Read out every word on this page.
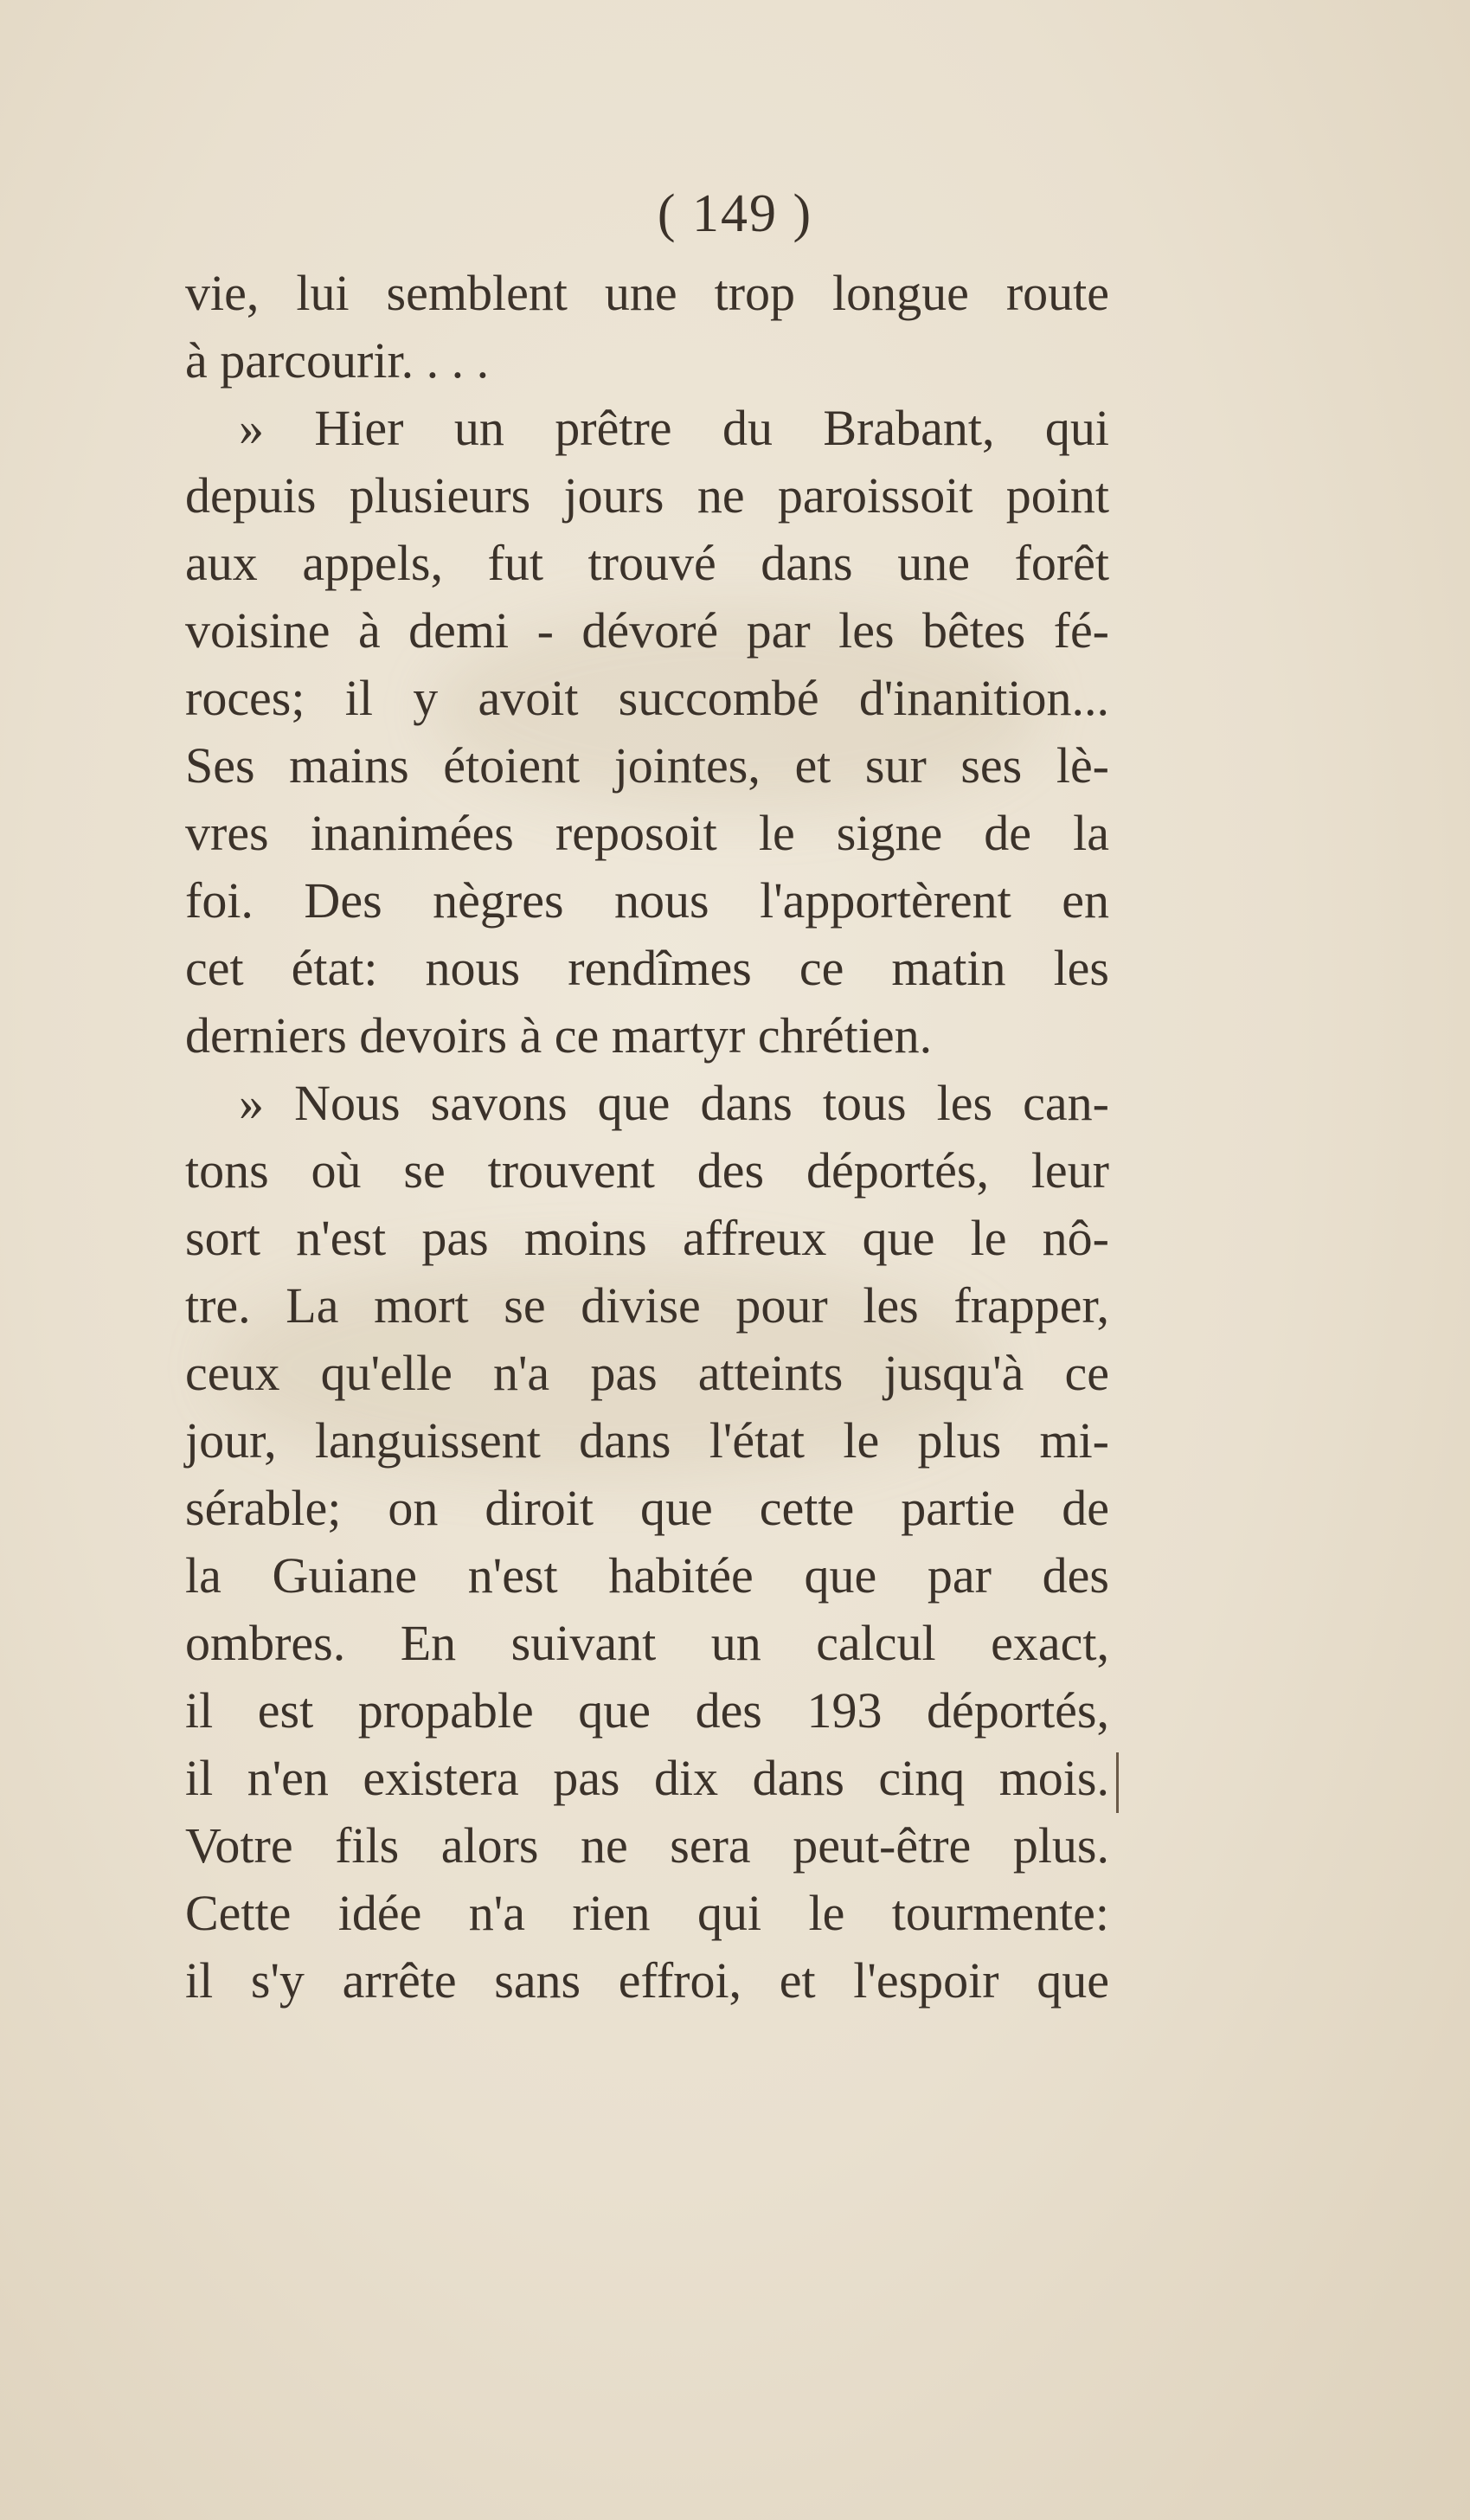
( 149 )
vie, lui semblent une trop longue route
à parcourir. . . .
» Hier un prêtre du Brabant, qui
depuis plusieurs jours ne paroissoit point
aux appels, fut trouvé dans une forêt
voisine à demi - dévoré par les bêtes fé-
roces; il y avoit succombé d'inanition...
Ses mains étoient jointes, et sur ses lè-
vres inanimées reposoit le signe de la
foi. Des nègres nous l'apportèrent en
cet état: nous rendîmes ce matin les
derniers devoirs à ce martyr chrétien.
» Nous savons que dans tous les can-
tons où se trouvent des déportés, leur
sort n'est pas moins affreux que le nô-
tre. La mort se divise pour les frapper,
ceux qu'elle n'a pas atteints jusqu'à ce
jour, languissent dans l'état le plus mi-
sérable; on diroit que cette partie de
la Guiane n'est habitée que par des
ombres. En suivant un calcul exact,
il est propable que des 193 déportés,
il n'en existera pas dix dans cinq mois.
Votre fils alors ne sera peut-être plus.
Cette idée n'a rien qui le tourmente:
il s'y arrête sans effroi, et l'espoir que
